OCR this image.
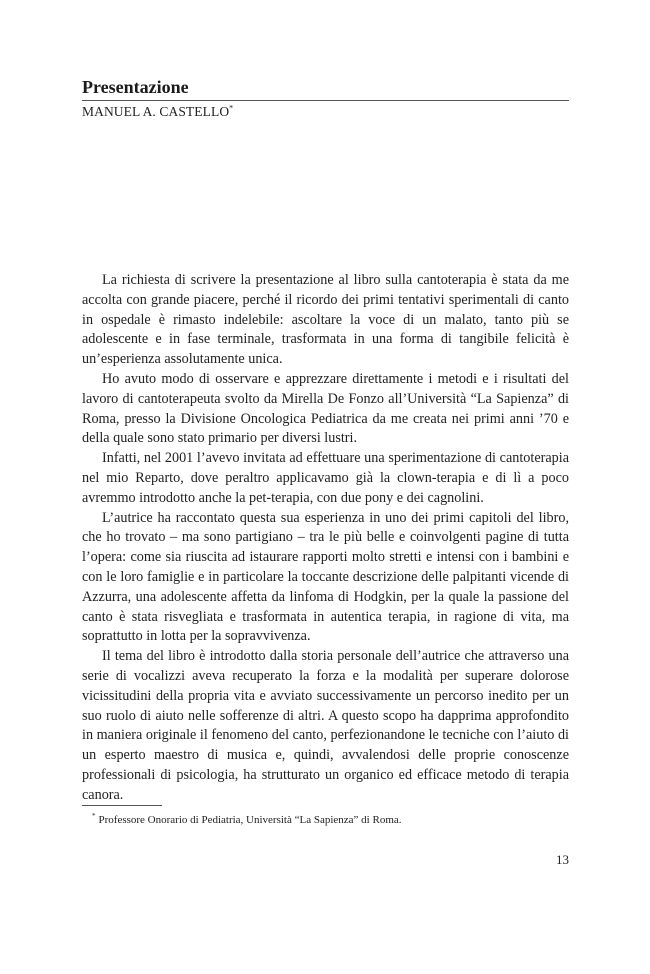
Presentazione
MANUEL A. CASTELLO*

La richiesta di scrivere la presentazione al libro sulla cantoterapia è stata da me accolta con grande piacere, perché il ricordo dei primi tentativi sperimentali di canto in ospedale è rimasto indelebile: ascoltare la voce di un malato, tanto più se adolescente e in fase terminale, trasformata in una forma di tangibile felicità è un’esperienza assolutamente unica.

Ho avuto modo di osservare e apprezzare direttamente i metodi e i risultati del lavoro di cantoterapeuta svolto da Mirella De Fonzo all’Università “La Sapienza” di Roma, presso la Divisione Oncologica Pediatrica da me creata nei primi anni ’70 e della quale sono stato primario per diversi lustri.

Infatti, nel 2001 l’avevo invitata ad effettuare una sperimentazione di cantoterapia nel mio Reparto, dove peraltro applicavamo già la clown-terapia e di lì a poco avremmo introdotto anche la pet-terapia, con due pony e dei cagnolini.

L’autrice ha raccontato questa sua esperienza in uno dei primi capitoli del libro, che ho trovato – ma sono partigiano – tra le più belle e coinvolgenti pagine di tutta l’opera: come sia riuscita ad istaurare rapporti molto stretti e intensi con i bambini e con le loro famiglie e in particolare la toccante descrizione delle palpitanti vicende di Azzurra, una adolescente affetta da linfoma di Hodgkin, per la quale la passione del canto è stata risvegliata e trasformata in autentica terapia, in ragione di vita, ma soprattutto in lotta per la sopravvivenza.

Il tema del libro è introdotto dalla storia personale dell’autrice che attraverso una serie di vocalizzi aveva recuperato la forza e la modalità per superare dolorose vicissitudini della propria vita e avviato successivamente un percorso inedito per un suo ruolo di aiuto nelle sofferenze di altri. A questo scopo ha dapprima approfondito in maniera originale il fenomeno del canto, perfezionandone le tecniche con l’aiuto di un esperto maestro di musica e, quindi, avvalendosi delle proprie conoscenze professionali di psicologia, ha strutturato un organico ed efficace metodo di terapia canora.

* Professore Onorario di Pediatria, Università “La Sapienza” di Roma.
13
